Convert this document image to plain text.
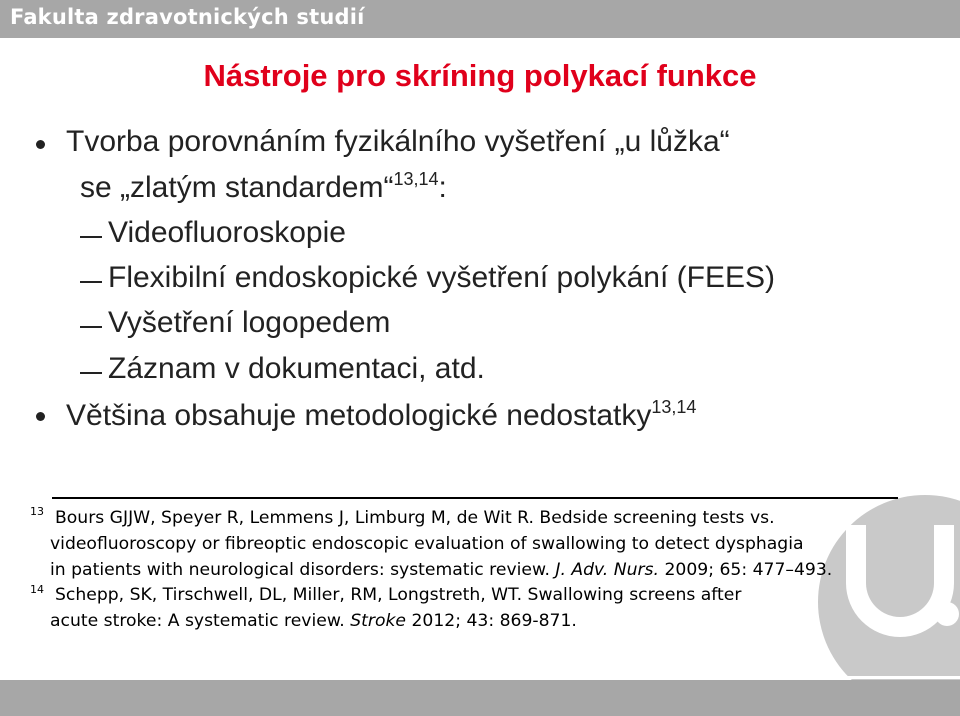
Fakulta zdravotnických studií
Nástroje pro skríning polykací funkce
Tvorba porovnáním fyzikálního vyšetření „u lůžka“
se „zlatým standardem“$^{13,14}$:
Videofluoroskopie
Flexibilní endoskopické vyšetření polykání (FEES)
Vyšetření logopedem
Záznam v dokumentaci, atd.
Většina obsahuje metodologické nedostatky$^{13,14}$
13 Bours GJJW, Speyer R, Lemmens J, Limburg M, de Wit R. Bedside screening tests vs.
videofluoroscopy or fibreoptic endoscopic evaluation of swallowing to detect dysphagia
in patients with neurological disorders: systematic review. J. Adv. Nurs. 2009; 65: 477–493.
14 Schepp, SK, Tirschwell, DL, Miller, RM, Longstreth, WT. Swallowing screens after
acute stroke: A systematic review. Stroke 2012; 43: 869-871.
